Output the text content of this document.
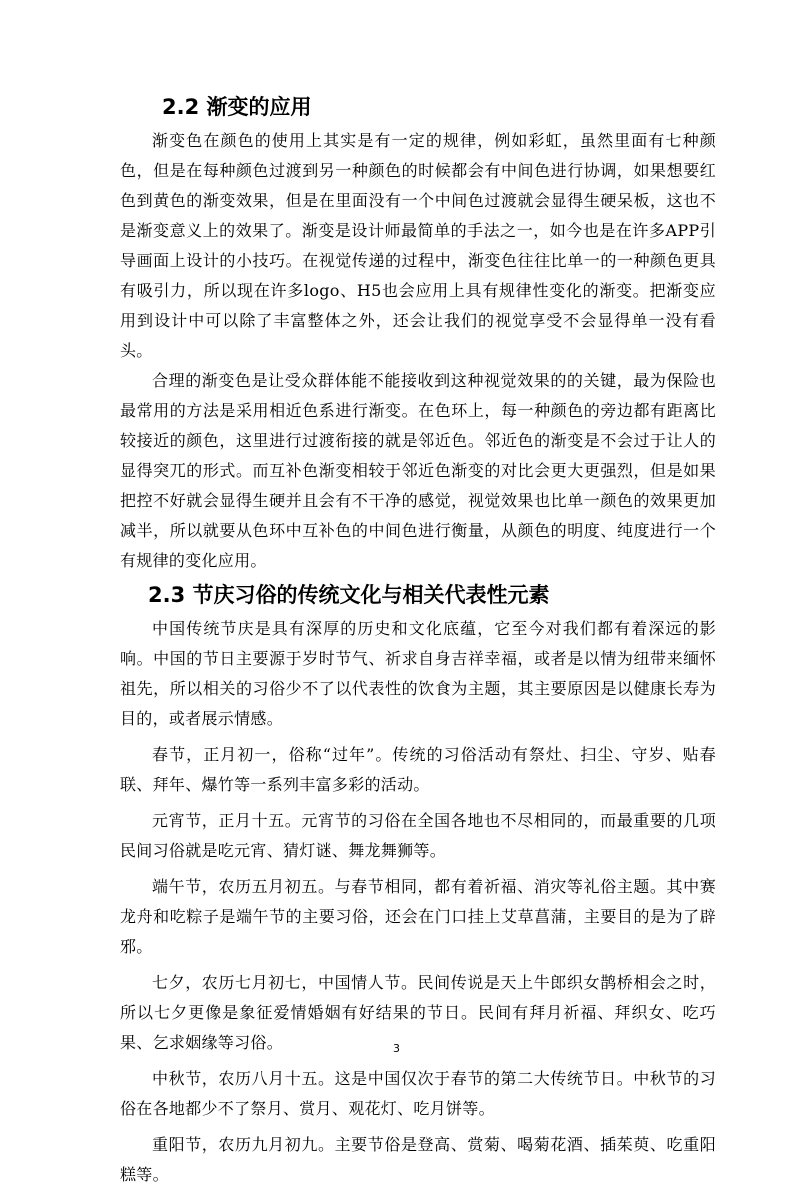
2.2 渐变的应用

渐变色在颜色的使用上其实是有一定的规律，例如彩虹，虽然里面有七种颜色，但是在每种颜色过渡到另一种颜色的时候都会有中间色进行协调，如果想要红色到黄色的渐变效果，但是在里面没有一个中间色过渡就会显得生硬呆板，这也不是渐变意义上的效果了。渐变是设计师最简单的手法之一，如今也是在许多APP引导画面上设计的小技巧。在视觉传递的过程中，渐变色往往比单一的一种颜色更具有吸引力，所以现在许多logo、H5也会应用上具有规律性变化的渐变。把渐变应用到设计中可以除了丰富整体之外，还会让我们的视觉享受不会显得单一没有看头。

合理的渐变色是让受众群体能不能接收到这种视觉效果的的关键，最为保险也最常用的方法是采用相近色系进行渐变。在色环上，每一种颜色的旁边都有距离比较接近的颜色，这里进行过渡衔接的就是邻近色。邻近色的渐变是不会过于让人的显得突兀的形式。而互补色渐变相较于邻近色渐变的对比会更大更强烈，但是如果把控不好就会显得生硬并且会有不干净的感觉，视觉效果也比单一颜色的效果更加减半，所以就要从色环中互补色的中间色进行衡量，从颜色的明度、纯度进行一个有规律的变化应用。

2.3 节庆习俗的传统文化与相关代表性元素

中国传统节庆是具有深厚的历史和文化底蕴，它至今对我们都有着深远的影响。中国的节日主要源于岁时节气、祈求自身吉祥幸福，或者是以情为纽带来缅怀祖先，所以相关的习俗少不了以代表性的饮食为主题，其主要原因是以健康长寿为目的，或者展示情感。

春节，正月初一，俗称“过年”。传统的习俗活动有祭灶、扫尘、守岁、贴春联、拜年、爆竹等一系列丰富多彩的活动。

元宵节，正月十五。元宵节的习俗在全国各地也不尽相同的，而最重要的几项民间习俗就是吃元宵、猜灯谜、舞龙舞狮等。

端午节，农历五月初五。与春节相同，都有着祈福、消灾等礼俗主题。其中赛龙舟和吃粽子是端午节的主要习俗，还会在门口挂上艾草菖蒲，主要目的是为了辟邪。

七夕，农历七月初七，中国情人节。民间传说是天上牛郎织女鹊桥相会之时，所以七夕更像是象征爱情婚姻有好结果的节日。民间有拜月祈福、拜织女、吃巧果、乞求姻缘等习俗。

中秋节，农历八月十五。这是中国仅次于春节的第二大传统节日。中秋节的习俗在各地都少不了祭月、赏月、观花灯、吃月饼等。

重阳节，农历九月初九。主要节俗是登高、赏菊、喝菊花酒、插茱萸、吃重阳糕等。

3
